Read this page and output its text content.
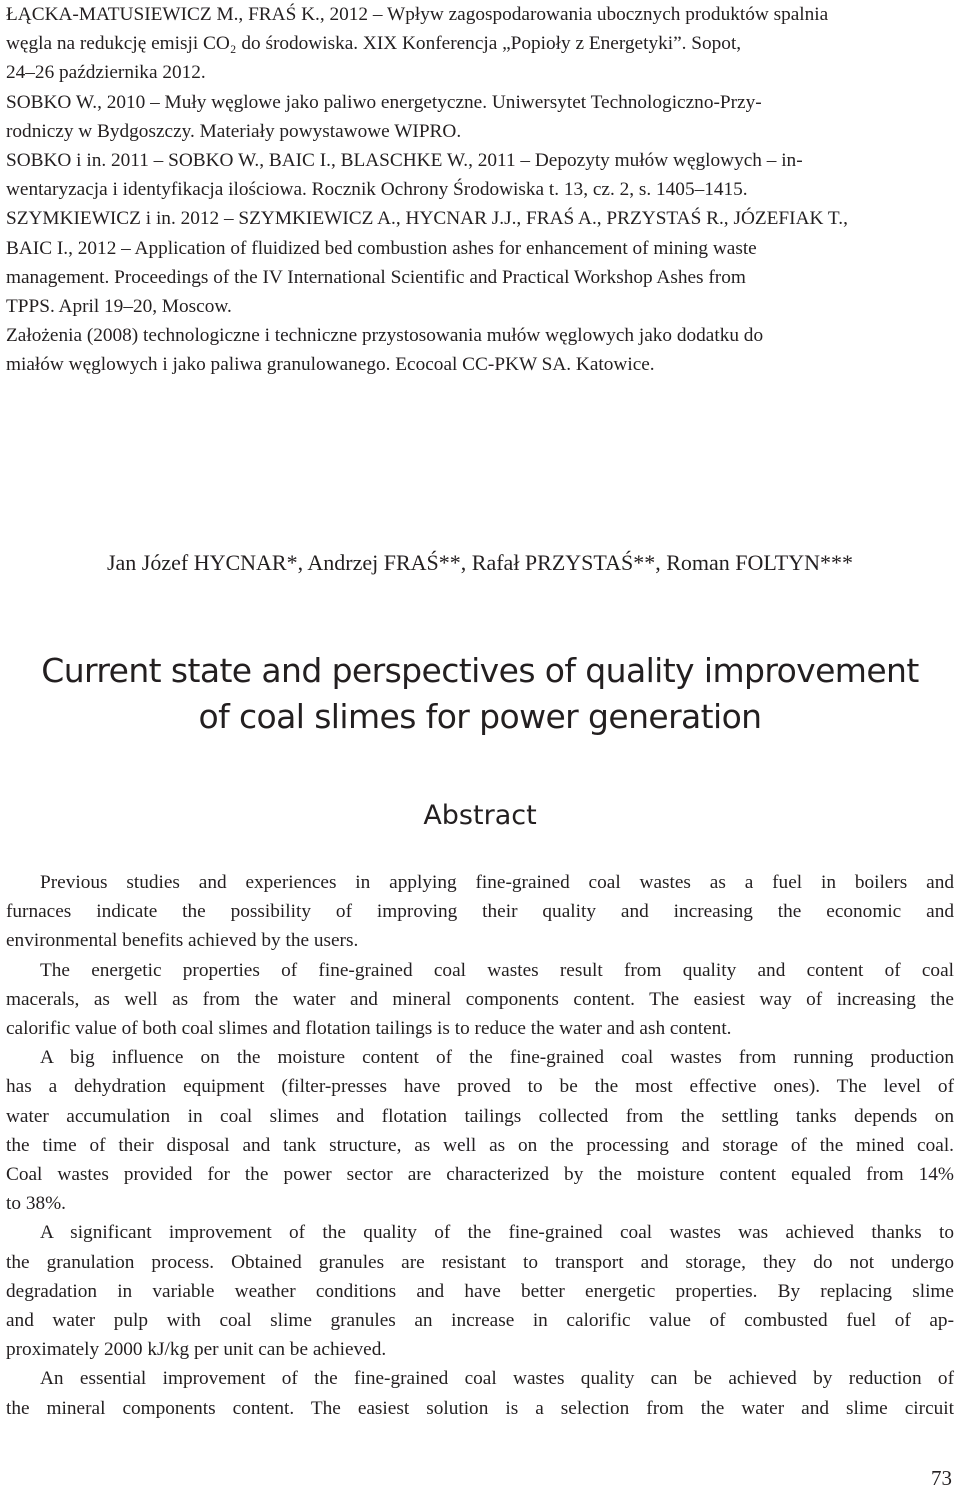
ŁĄCKA-MATUSIEWICZ M., FRAŚ K., 2012 – Wpływ zagospodarowania ubocznych produktów spalnia
węgla na redukcję emisji CO₂ do środowiska. XIX Konferencja „Popioły z Energetyki”. Sopot,
24–26 października 2012.
SOBKO W., 2010 – Muły węglowe jako paliwo energetyczne. Uniwersytet Technologiczno-Przy-
rodniczy w Bydgoszczy. Materiały powystawowe WIPRO.
SOBKO i in. 2011 – SOBKO W., BAIC I., BLASCHKE W., 2011 – Depozyty mułów węglowych – in-
wentaryzacja i identyfikacja ilościowa. Rocznik Ochrony Środowiska t. 13, cz. 2, s. 1405–1415.
SZYMKIEWICZ i in. 2012 – SZYMKIEWICZ A., HYCNAR J.J., FRAŚ A., PRZYSTAŚ R., JÓZEFIAK T.,
BAIC I., 2012 – Application of fluidized bed combustion ashes for enhancement of mining waste
management. Proceedings of the IV International Scientific and Practical Workshop Ashes from
TPPS. April 19–20, Moscow.
Założenia (2008) technologiczne i techniczne przystosowania mułów węglowych jako dodatku do
miałów węglowych i jako paliwa granulowanego. Ecocoal CC-PKW SA. Katowice.
Jan Józef HYCNAR*, Andrzej FRAŚ**, Rafał PRZYSTAŚ**, Roman FOLTYN***
Current state and perspectives of quality improvement
of coal slimes for power generation
Abstract

Previous studies and experiences in applying fine-grained coal wastes as a fuel in boilers and
furnaces indicate the possibility of improving their quality and increasing the economic and
environmental benefits achieved by the users.

The energetic properties of fine-grained coal wastes result from quality and content of coal
macerals, as well as from the water and mineral components content. The easiest way of increasing the
calorific value of both coal slimes and flotation tailings is to reduce the water and ash content.

A big influence on the moisture content of the fine-grained coal wastes from running production
has a dehydration equipment (filter-presses have proved to be the most effective ones). The level of
water accumulation in coal slimes and flotation tailings collected from the settling tanks depends on
the time of their disposal and tank structure, as well as on the processing and storage of the mined coal.
Coal wastes provided for the power sector are characterized by the moisture content equaled from 14%
to 38%.

A significant improvement of the quality of the fine-grained coal wastes was achieved thanks to
the granulation process. Obtained granules are resistant to transport and storage, they do not undergo
degradation in variable weather conditions and have better energetic properties. By replacing slime
and water pulp with coal slime granules an increase in calorific value of combusted fuel of ap-
proximately 2000 kJ/kg per unit can be achieved.

An essential improvement of the fine-grained coal wastes quality can be achieved by reduction of
the mineral components content. The easiest solution is a selection from the water and slime circuit

73
